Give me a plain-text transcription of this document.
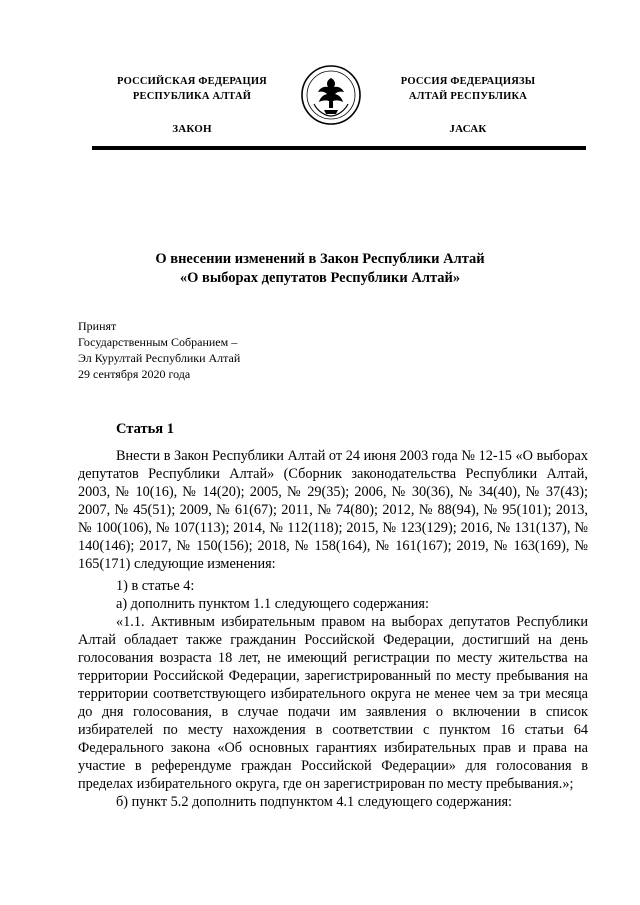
РОССИЙСКАЯ ФЕДЕРАЦИЯ
РЕСПУБЛИКА АЛТАЙ
ЗАКОН
РОССИЯ ФЕДЕРАЦИЯЗЫ
АЛТАЙ РЕСПУБЛИКА
JАСАК
О внесении изменений в Закон Республики Алтай
«О выборах депутатов Республики Алтай»
Принят
Государственным Собранием –
Эл Курултай Республики Алтай
29 сентября 2020 года
Статья 1

Внести в Закон Республики Алтай от 24 июня 2003 года № 12-15 «О выборах депутатов Республики Алтай» (Сборник законодательства Республики Алтай, 2003, № 10(16), № 14(20); 2005, № 29(35); 2006, № 30(36), № 34(40), № 37(43); 2007, № 45(51); 2009, № 61(67); 2011, № 74(80); 2012, № 88(94), № 95(101); 2013, № 100(106), № 107(113); 2014, № 112(118); 2015, № 123(129); 2016, № 131(137), № 140(146); 2017, № 150(156); 2018, № 158(164), № 161(167); 2019, № 163(169), № 165(171) следующие изменения:

1) в статье 4:

а) дополнить пунктом 1.1 следующего содержания:

«1.1. Активным избирательным правом на выборах депутатов Республики Алтай обладает также гражданин Российской Федерации, достигший на день голосования возраста 18 лет, не имеющий регистрации по месту жительства на территории Российской Федерации, зарегистрированный по месту пребывания на территории соответствующего избирательного округа не менее чем за три месяца до дня голосования, в случае подачи им заявления о включении в список избирателей по месту нахождения в соответствии с пунктом 16 статьи 64 Федерального закона «Об основных гарантиях избирательных прав и права на участие в референдуме граждан Российской Федерации» для голосования в пределах избирательного округа, где он зарегистрирован по месту пребывания.»;

б) пункт 5.2 дополнить подпунктом 4.1 следующего содержания:
